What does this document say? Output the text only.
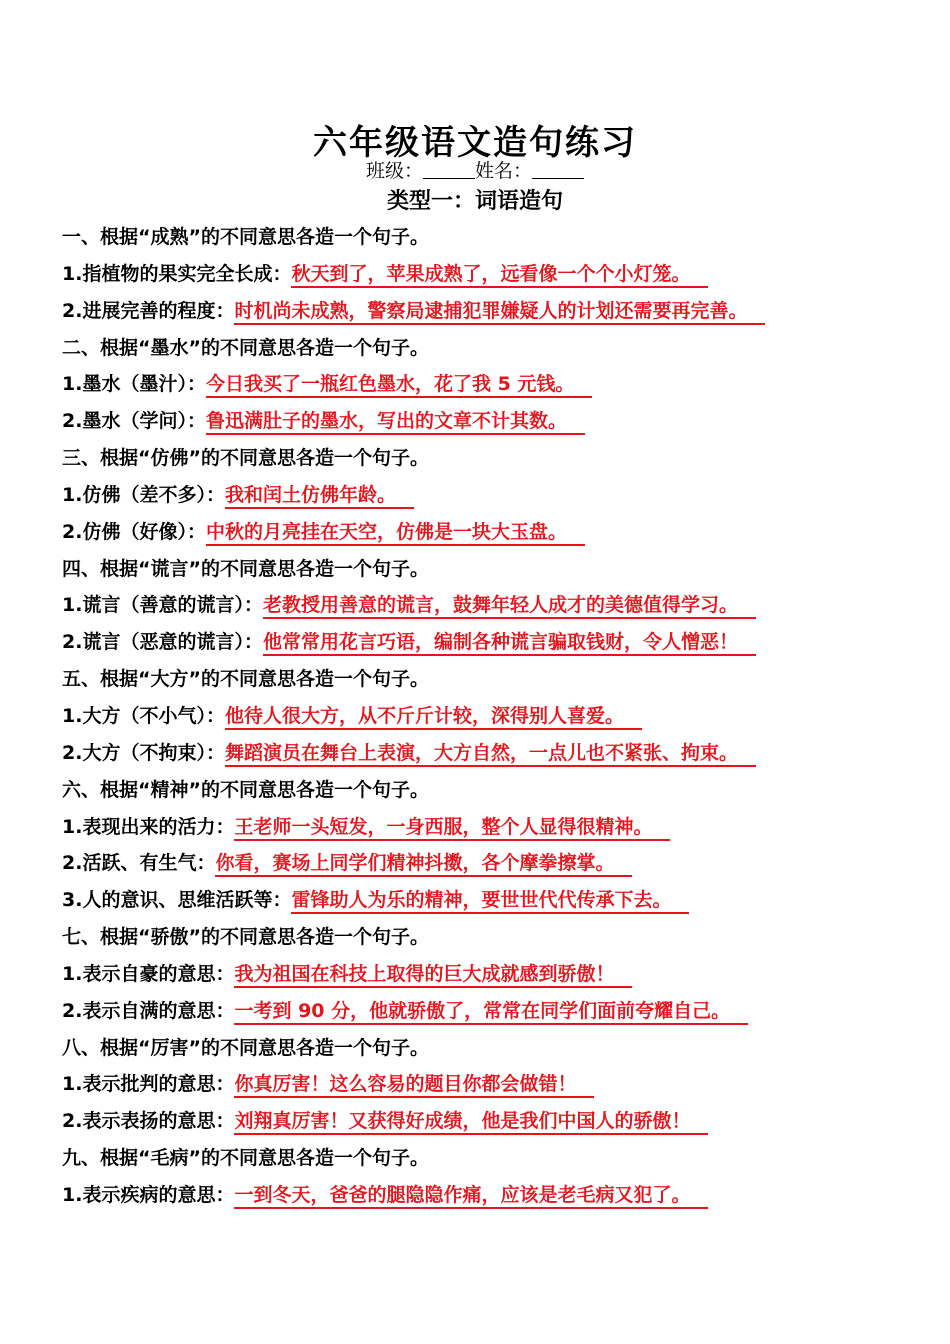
六年级语文造句练习
班级：	姓名：
类型一：词语造句
一、根据“成熟”的不同意思各造一个句子。
1.指植物的果实完全长成：秋天到了，苹果成熟了，远看像一个个小灯笼。
2.进展完善的程度：时机尚未成熟，警察局逮捕犯罪嫌疑人的计划还需要再完善。
二、根据“墨水”的不同意思各造一个句子。
1.墨水（墨汁）：今日我买了一瓶红色墨水，花了我 5 元钱。
2.墨水（学问）：鲁迅满肚子的墨水，写出的文章不计其数。
三、根据“仿佛”的不同意思各造一个句子。
1.仿佛（差不多）：我和闰土仿佛年龄。
2.仿佛（好像）：中秋的月亮挂在天空，仿佛是一块大玉盘。
四、根据“谎言”的不同意思各造一个句子。
1.谎言（善意的谎言）：老教授用善意的谎言，鼓舞年轻人成才的美德值得学习。
2.谎言（恶意的谎言）：他常常用花言巧语，编制各种谎言骗取钱财，令人憎恶！
五、根据“大方”的不同意思各造一个句子。
1.大方（不小气）：他待人很大方，从不斤斤计较，深得别人喜爱。
2.大方（不拘束）：舞蹈演员在舞台上表演，大方自然，一点儿也不紧张、拘束。
六、根据“精神”的不同意思各造一个句子。
1.表现出来的活力：王老师一头短发，一身西服，整个人显得很精神。
2.活跃、有生气：你看，赛场上同学们精神抖擞，各个摩拳擦掌。
3.人的意识、思维活跃等：雷锋助人为乐的精神，要世世代代传承下去。
七、根据“骄傲”的不同意思各造一个句子。
1.表示自豪的意思：我为祖国在科技上取得的巨大成就感到骄傲！
2.表示自满的意思：一考到 90 分，他就骄傲了，常常在同学们面前夸耀自己。
八、根据“厉害”的不同意思各造一个句子。
1.表示批判的意思：你真厉害！这么容易的题目你都会做错！
2.表示表扬的意思：刘翔真厉害！又获得好成绩，他是我们中国人的骄傲！
九、根据“毛病”的不同意思各造一个句子。
1.表示疾病的意思：一到冬天，爸爸的腿隐隐作痛，应该是老毛病又犯了。
